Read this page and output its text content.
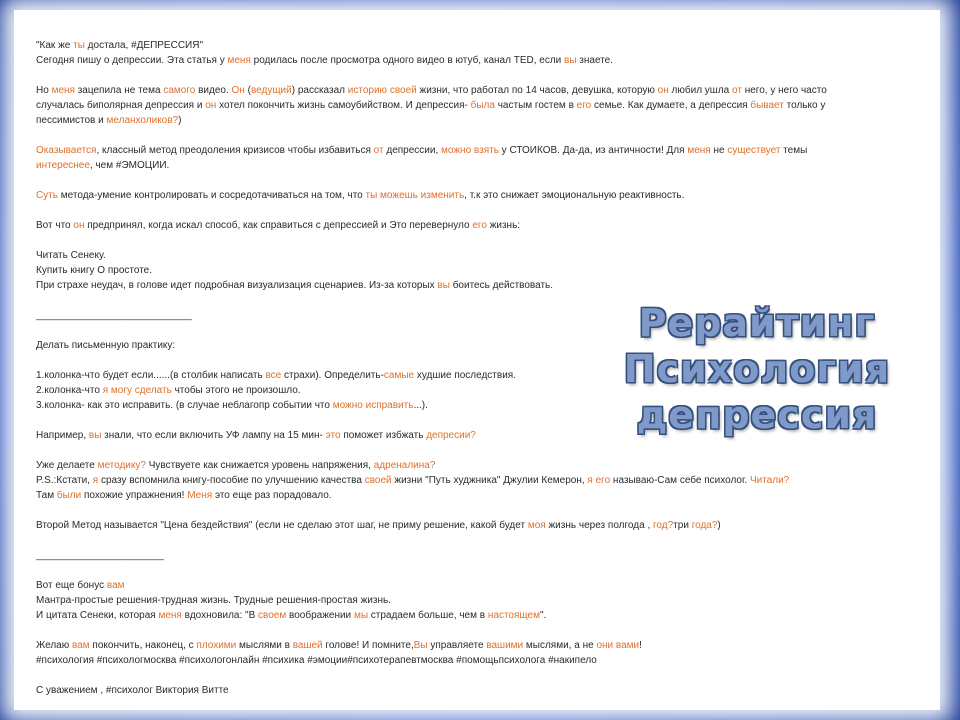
"Как же ты достала, #ДЕПРЕССИЯ"
Сегодня пишу о депрессии. Эта статья у меня родилась после просмотра одного видео в ютуб, канал TED, если вы знаете.
Но меня зацепила не тема самого видео. Он (ведущий) рассказал историю своей жизни, что работал по 14 часов, девушка, которую он любил ушла от него, у него часто
случалась биполярная депрессия и он хотел покончить жизнь самоубийством. И депрессия- была частым гостем в его семье. Как думаете, а депрессия бывает только у
пессимистов и меланхоликов?)
Оказывается, классный метод преодоления кризисов чтобы избавиться от депрессии, можно взять у СТОИКОВ. Да-да, из античности! Для меня не существует темы
интереснее, чем #ЭМОЦИИ.
Суть метода-умение контролировать и сосредотачиваться на том, что ты можешь изменить, т.к это снижает эмоциональную реактивность.
Вот что он предпринял, когда искал способ, как справиться с депрессией и Это перевернуло его жизнь:
Читать Сенеку.
Купить книгу О простоте.
При страхе неудач, в голове идет подробная визуализация сценариев. Из-за которых вы боитесь действовать.
____________________________
Делать письменную практику:
1.колонка-что будет если......(в столбик написать все страхи). Определить-самые худшие последствия.
2.колонка-что я могу сделать чтобы этого не произошло.
3.колонка- как это исправить. (в случае неблагопр событии что можно исправить...).
Например, вы знали, что если включить УФ лампу на 15 мин- это поможет избжать депресии?
Уже делаете методику? Чувствуете как снижается уровень напряжения, адреналина?
P.S.:Кстати, я сразу вспомнила книгу-пособие по улучшению качества своей жизни "Путь худжника" Джулии Кемерон, я его называю-Сам себе психолог. Читали?
Там были похожие упражнения! Меня это еще раз порадовало.
Второй Метод называется "Цена бездействия" (если не сделаю этот шаг, не приму решение, какой будет моя жизнь через полгода , год?три года?)
_______________________
Вот еще бонус вам
Мантра-простые решения-трудная жизнь. Трудные решения-простая жизнь.
И цитата Сенеки, которая меня вдохновила: "В своем воображении мы страдаем больше, чем в настоящем".
Желаю вам покончить, наконец, с плохими мыслями в вашей голове! И помните,Вы управляете вашими мыслями, а не они вами!
#психология #психологмосква #психологонлайн #психика #эмоции#психотерапевтмосква #помощьпсихолога #накипело
С уважением , #психолог Виктория Витте
Рерайтинг
Психология
депрессия
